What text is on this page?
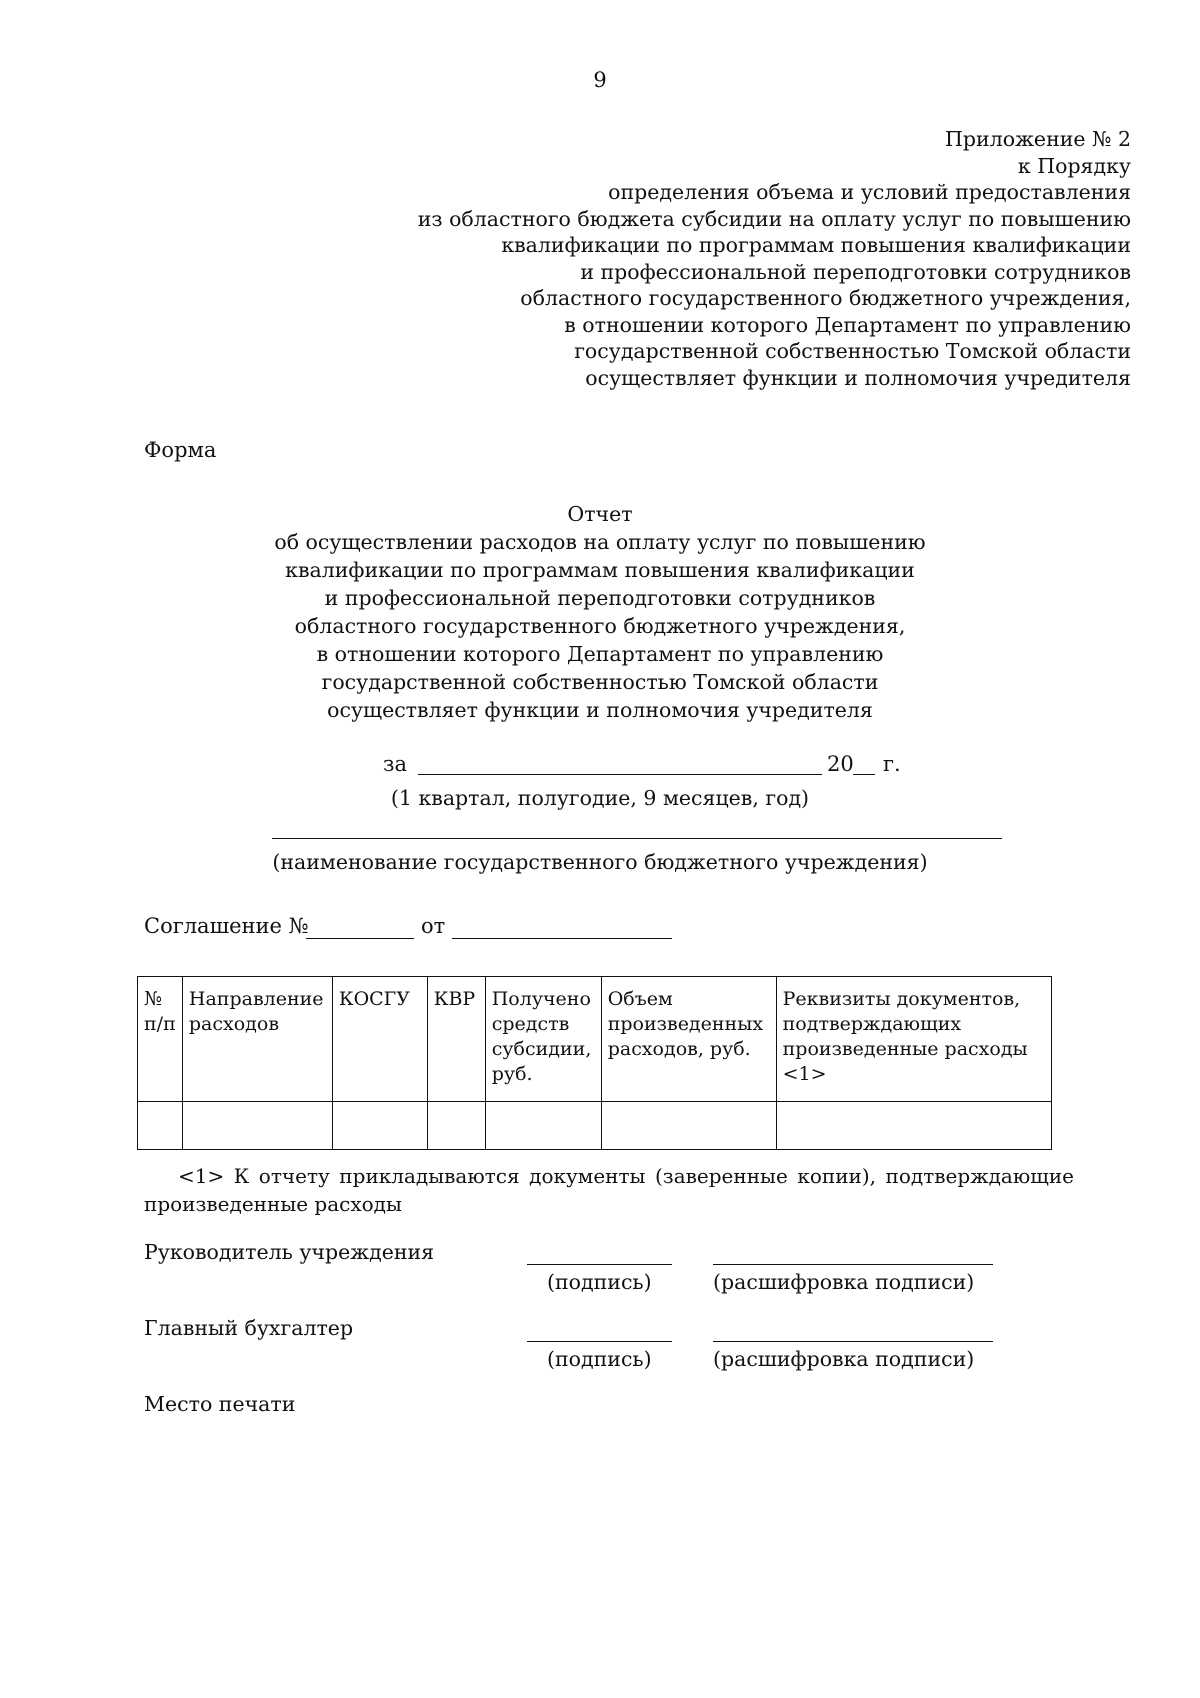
9
Приложение № 2
к Порядку
определения объема и условий предоставления
из областного бюджета субсидии на оплату услуг по повышению
квалификации по программам повышения квалификации
и профессиональной переподготовки сотрудников
областного государственного бюджетного учреждения,
в отношении которого Департамент по управлению
государственной собственностью Томской области
осуществляет функции и полномочия учредителя
Форма
Отчет
об осуществлении расходов на оплату услуг по повышению
квалификации по программам повышения квалификации
и профессиональной переподготовки сотрудников
областного государственного бюджетного учреждения,
в отношении которого Департамент по управлению
государственной собственностью Томской области
осуществляет функции и полномочия учредителя
за	20 г.
(1 квартал, полугодие, 9 месяцев, год)
(наименование государственного бюджетного учреждения)
Соглашение №	от
№ п/п	Направление расходов	КОСГУ	КВР	Получено средств субсидии, руб.	Объем произведенных расходов, руб.	Реквизиты документов, подтверждающих произведенные расходы <1>

<1> К отчету прикладываются документы (заверенные копии), подтверждающие
произведенные расходы
Руководитель учреждения
(подпись)	(расшифровка подписи)
Главный бухгалтер
(подпись)	(расшифровка подписи)
Место печати
